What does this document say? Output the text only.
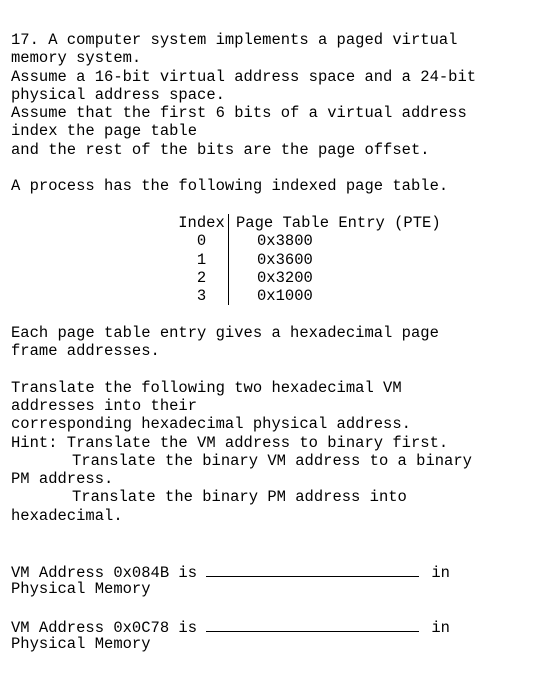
17. A computer system implements a paged virtual
memory system.
Assume a 16-bit virtual address space and a 24-bit
physical address space.
Assume that the first 6 bits of a virtual address
index the page table
and the rest of the bits are the page offset.
A process has the following indexed page table.
Index	Page Table Entry (PTE)
0	0x3800
1	0x3600
2	0x3200
3	0x1000
Each page table entry gives a hexadecimal page
frame addresses.
Translate the following two hexadecimal VM
addresses into their
corresponding hexadecimal physical address.
Hint: Translate the VM address to binary first.
Translate the binary VM address to a binary
PM address.
Translate the binary PM address into
hexadecimal.
VM Address 0x084B is	in
Physical Memory
VM Address 0x0C78 is	in
Physical Memory
